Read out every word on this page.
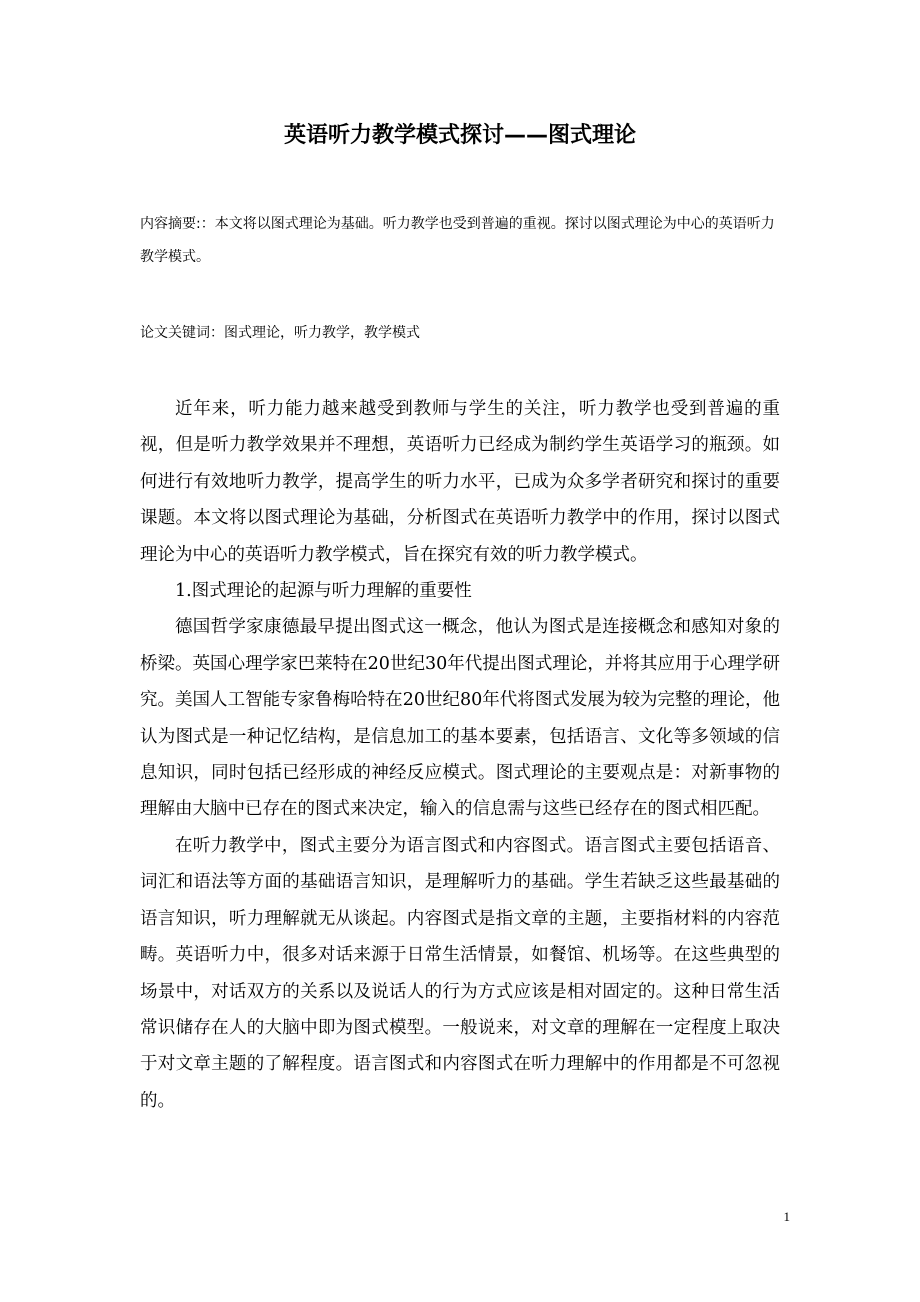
英语听力教学模式探讨——图式理论
内容摘要:：本文将以图式理论为基础。听力教学也受到普遍的重视。探讨以图式理论为中心的英语听力教学模式。
论文关键词：图式理论，听力教学，教学模式

近年来，听力能力越来越受到教师与学生的关注，听力教学也受到普遍的重视，但是听力教学效果并不理想，英语听力已经成为制约学生英语学习的瓶颈。如何进行有效地听力教学，提高学生的听力水平，已成为众多学者研究和探讨的重要课题。本文将以图式理论为基础，分析图式在英语听力教学中的作用，探讨以图式理论为中心的英语听力教学模式，旨在探究有效的听力教学模式。

1.图式理论的起源与听力理解的重要性

德国哲学家康德最早提出图式这一概念，他认为图式是连接概念和感知对象的桥梁。英国心理学家巴莱特在20世纪30年代提出图式理论，并将其应用于心理学研究。美国人工智能专家鲁梅哈特在20世纪80年代将图式发展为较为完整的理论，他认为图式是一种记忆结构，是信息加工的基本要素，包括语言、文化等多领域的信息知识，同时包括已经形成的神经反应模式。图式理论的主要观点是：对新事物的理解由大脑中已存在的图式来决定，输入的信息需与这些已经存在的图式相匹配。

在听力教学中，图式主要分为语言图式和内容图式。语言图式主要包括语音、词汇和语法等方面的基础语言知识，是理解听力的基础。学生若缺乏这些最基础的语言知识，听力理解就无从谈起。内容图式是指文章的主题，主要指材料的内容范畴。英语听力中，很多对话来源于日常生活情景，如餐馆、机场等。在这些典型的场景中，对话双方的关系以及说话人的行为方式应该是相对固定的。这种日常生活常识储存在人的大脑中即为图式模型。一般说来，对文章的理解在一定程度上取决于对文章主题的了解程度。语言图式和内容图式在听力理解中的作用都是不可忽视的。

1
